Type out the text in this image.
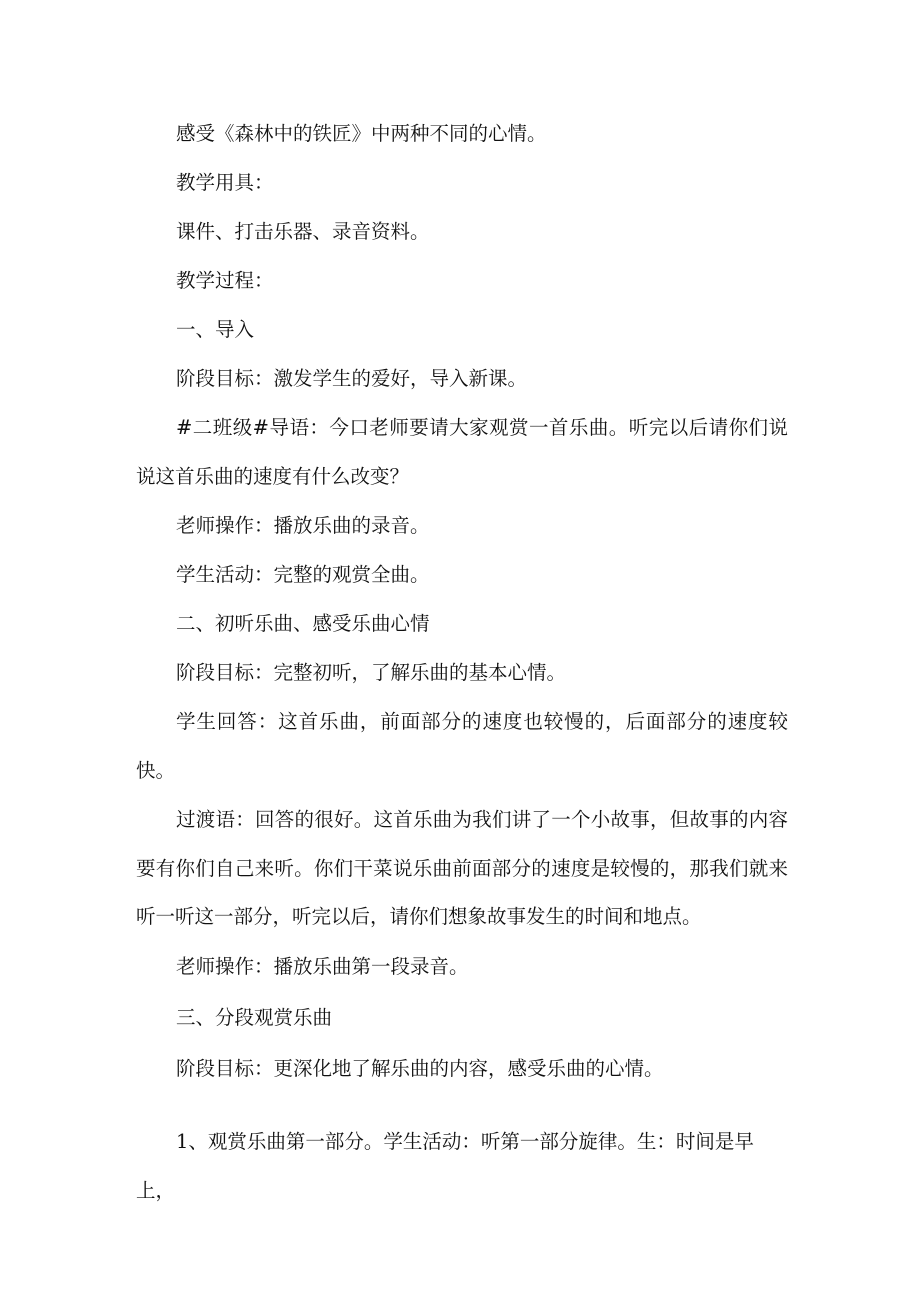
感受《森林中的铁匠》中两种不同的心情。

教学用具：

课件、打击乐器、录音资料。

教学过程：

一、导入

阶段目标：激发学生的爱好，导入新课。

#二班级#导语：今口老师要请大家观赏一首乐曲。听完以后请你们说说这首乐曲的速度有什么改变？

老师操作：播放乐曲的录音。

学生活动：完整的观赏全曲。

二、初听乐曲、感受乐曲心情

阶段目标：完整初听，了解乐曲的基本心情。

学生回答：这首乐曲，前面部分的速度也较慢的，后面部分的速度较快。

过渡语：回答的很好。这首乐曲为我们讲了一个小故事，但故事的内容要有你们自己来听。你们干菜说乐曲前面部分的速度是较慢的，那我们就来听一听这一部分，听完以后，请你们想象故事发生的时间和地点。

老师操作：播放乐曲第一段录音。

三、分段观赏乐曲

阶段目标：更深化地了解乐曲的内容，感受乐曲的心情。

1、观赏乐曲第一部分。学生活动：听第一部分旋律。生：时间是早上，
